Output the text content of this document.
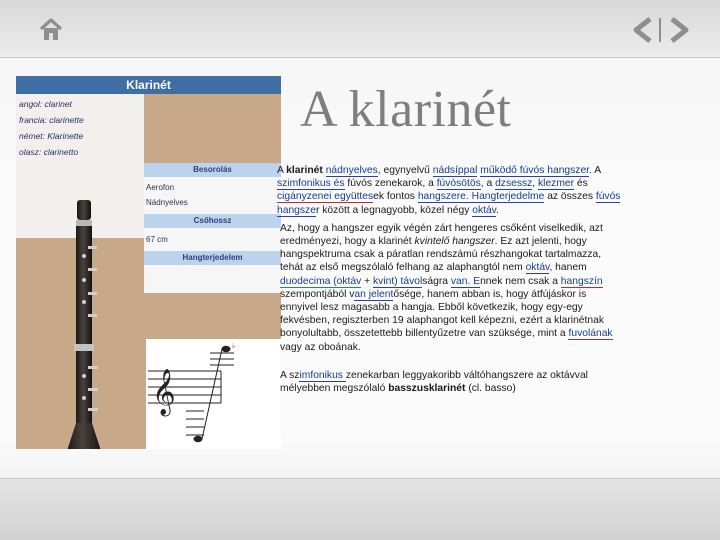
A klarinét
Klarinét
angol: clarinet
francia: clarinette
német: Klarinette
olasz: clarinetto
Besorolás
Aerofon
Nádnyelves
Csőhossz
67 cm
Hangterjedelem
𝄞
♭

A klarinét nádnyelves, egynyelvű nádsíppal működő fúvós hangszer. A szimfonikus és fúvós zenekarok, a fúvósötös, a dzsessz, klezmer és cigányzenei együttesek fontos hangszere. Hangterjedelme az összes fúvós hangszer között a legnagyobb, közel négy oktáv.

Az, hogy a hangszer egyik végén zárt hengeres csőként viselkedik, azt eredményezi, hogy a klarinét kvintelő hangszer. Ez azt jelenti, hogy hangspektruma csak a páratlan rendszámú részhangokat tartalmazza, tehát az első megszólaló felhang az alaphangtól nem oktáv, hanem duodecima (oktáv + kvint) távolságra van. Ennek nem csak a hangszín szempontjából van jelentősége, hanem abban is, hogy átfújáskor is ennyivel lesz magasabb a hangja. Ebből következik, hogy egy-egy fekvésben, regiszterben 19 alaphangot kell képezni, ezért a klarinétnak bonyolultabb, összetettebb billentyűzetre van szüksége, mint a fuvolának vagy az oboának.

A szimfonikus zenekarban leggyakoribb váltóhangszere az oktávval mélyebben megszólaló basszusklarinét (cl. basso)
